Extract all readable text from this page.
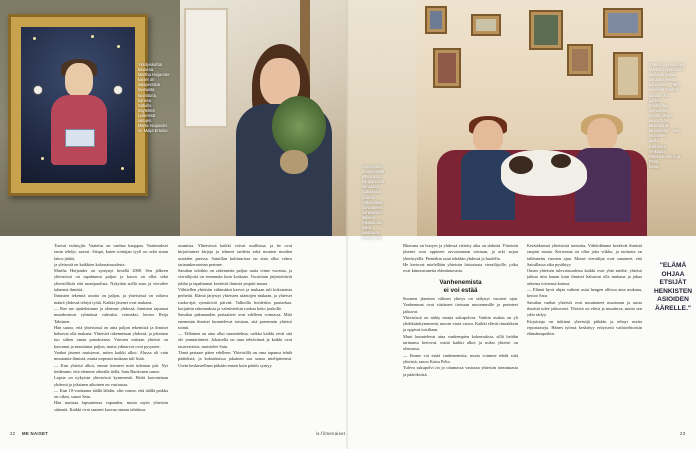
Yksityiskohta
kuvassa:
Martha Hoijander-
kaiset on
salaperäisiä
kuvausta
kuvattuna,
kanssa
Satuillu
näytelmä
Leikeissä
satujen.
Marta Hoijander
on Maija Ertuiso.
Ammuyden
nuorimmista
yhteistyön
kaupaneista
sanotaan
Satuillasta,
poikaa
Vähöidästä
luovuuteen
vahkiarvien
jälkeen.
Aikakausiin
kaksi
kakkaista
keskin asti.
Yhteisön perustajan
Martha Hoijanderin
kuvia on tällaa
aikuperäisessä
asunossa. "Tämä
saiteella Martha
saattoi olla
juhlista
mailla. Jos
luvnalinna
muuhu ilman
kuvat, hän
kesemsi oli
luutamatta", Outi
muistelee
jaolla
Kahoissa.
Veikkaus
Päivi Aikonenn ja
Pelle ...
kissa.
Tuovat esiintyjät. Vaatetus on vanhaa kauppaa. Vaatimukset ensin tehdyt, saavat. Siispä, kuten toimijan tyyli on sekä sinun laitos jättää,
ja yleisestä ne kaikkien kokonaisuudesta.
Martha Hoijander on syntynyt kesällä 2008. Sen jälkeen yhteisössä on tapahtunut paljon ja kasvu on ollut sekä yhteisöllistä että monipuolista. Nykyään siellä asuu ja vierailee tuhansia ihmisiä.
Ihmisten tekemiä asioita on paljon, ja yhteisössä on valtava määrä yhdessä tehtyä työtä. Kaikki jäsenet ovat mukana.
— Rae me ajatteleimme ja olemme yhdessä, ihmisten tajunnat mundostuvat ryhmässä vahvaksi voimaksi, kertoo Reija Tahtinen.
Hän sanoo, että yhteisössä on aina paljon tekemistä ja ihmiset haluavat olla mukana. Yhteisöä rakennetaan yhdessä, ja jokainen tuo siihen oman panoksensa. Vuosien mittaan yhteisö on kasvanut ja muuttunut paljon, mutta ydinarvot ovat pysyneet.
Vanhat jäsenet muistavat, miten kaikki alkoi. Alussa oli vain muutamia ihmisiä, mutta nopeasti mukaan tuli lisää.
— Kun yhteisö alkoi, emme tienneet mitä tuleman piti. Nyt tiedämme, että olemme oikealla tiellä, Satu Ruokonen sanoo.
Lapsia on nykyisin yhteisössä kymmeniä. Heitä kasvatetaan yhdessä ja jokainen aikuinen on vastuussa.
— Kun 10-vuotiaana täällä lähdin, olin varma, että täällä paikka on oikea, sanoo Satu.
Hän muistaa lapsuutensa vapauden, mutta myös yhteisön säännöt. Kaikki ovat saaneet kasvaa omaan tahtiinsa.
asumista. Yhteisössä kaikki voivat osallistua, ja he ovat kirjoittaneet kirjoja ja tehneet taidetta sekä monien muiden asioiden parissa. Satuillan kulttuurissa on aina ollut vahva tarinankerronnan perinne.
Satuilan taloihin on rakennettu paljon uutta viime vuosina, ja vierailijoita on enemmän kuin koskaan. Vuosittain järjestettävät juhlat ja tapahtumat keräävät ihmisiä ympäri maata.
Vähitellen yhteisön väkimäärä kasvoi ja mukaan tuli kokonaisia perheitä. Elämä järjestyi yhteisten sääntöjen mukaan, ja yhteiset ruoka-ajat rytmittivät päivää. Talkoilla hoidettiin puutarhaa, korjattiin rakennuksia ja valmistettiin ruokaa koko joukolle.
Satuilan pakanuuden periaatteet ovat edelleen voimassa. Mitä enemmän ihmiset kuuntelevat toisiaan, sitä paremmin yhteisö toimii.
— Tällainen on aina ollut suunnitelma, vaikka kaikki eivät sitä ole ymmärtäneet. Jokaisella on oma tehtävänsä ja kaikki ovat tasavertaisia, muistelee Satu.
Tämä periaate pätee edelleen. Yhteisöllä on oma tapansa tehdä päätöksiä, ja kokouksissa jokainen saa sanoa mielipiteensä. Usein keskustellaan pitkään ennen kuin päätös syntyy.
Bhavana on buoyes ja yhdessä vietetty aika on tärkeää. Yhteisön jäsenet ovat oppineet arvostamaan toisiaan, ja arki sujuu yhteistyöllä. Pienetkin asiat tehdään yhdessä ja huolella.
He kertovat mielellään yhteisön historiasta vierailijoille, jotka ovat kiinnostuneita elämäntavasta.
Vanhenemista
ei voi estää
Suomen jäsenten välinen yhteys on säilynyt vuosien ajan. Vanhemmat ovat siirtäneet tietoaan nuoremmille ja perinteet jatkuvat.
Yhteisössä on nähty monta sukupolvea. Vanhin asukas on yli yhdeksänkymmentä, nuorin vasta vauva. Kaikki elävät rinnakkain ja oppivat toisiltaan.
Muut kuuntelevat aina vanhempien kokemuksia, sillä heidän tarinansa kertovat, mistä kaikki alkoi ja miksi yhteisö on olemassa.
— Emme voi estää vanhenemista, mutta voimme tehdä siitä yhteistä, sanoo Kaisa Pelto.
Tuleva sukupolvi on jo ottamassa vastuuta yhteisön toiminnasta ja päätöksistä.
Kerätäksensä yhteisöstä tarinoita, Vähöidämme keräävät ihmisiä ympäri maata. Kerrontaa on ollut joka viikko, ja tarinoita on tallennettu vuosien ajan. Monet vierailijat ovat sanoneet, että Satuillassa aika pysähtyy.
Oman yhteisön tulevaisuudesta kaikki ovat yhtä mieltä: yhteisö jatkuu niin kauan kuin ihmiset haluavat olla mukana ja jakaa arkensa toistensa kanssa.
— Elämä hyvä ohjaa vaikeat asiat hengen ollessa aina mukana, kertoo Satu.
Satuilan vanhat yhteisöt ovat muuttaneet muotoaan ja uusia ihmisiä tulee jatkuvasti. Yhteisö on elävä ja muuttuva, mutta sen ydin säilyy.
Kirjoittaja on tutkinut yhteisöjä pitkään ja tehnyt useita reportaaseja. Hänen työnsä keskittyy erityisesti vaihtoehtoisiin elämäntapoihin.
"ELÄMÄ OHJAA
ETSIJÄT HENKISTEN
ASIOIDEN
ÄÄRELLE."
22 ME NAISET	is.fi/menaiset	23
